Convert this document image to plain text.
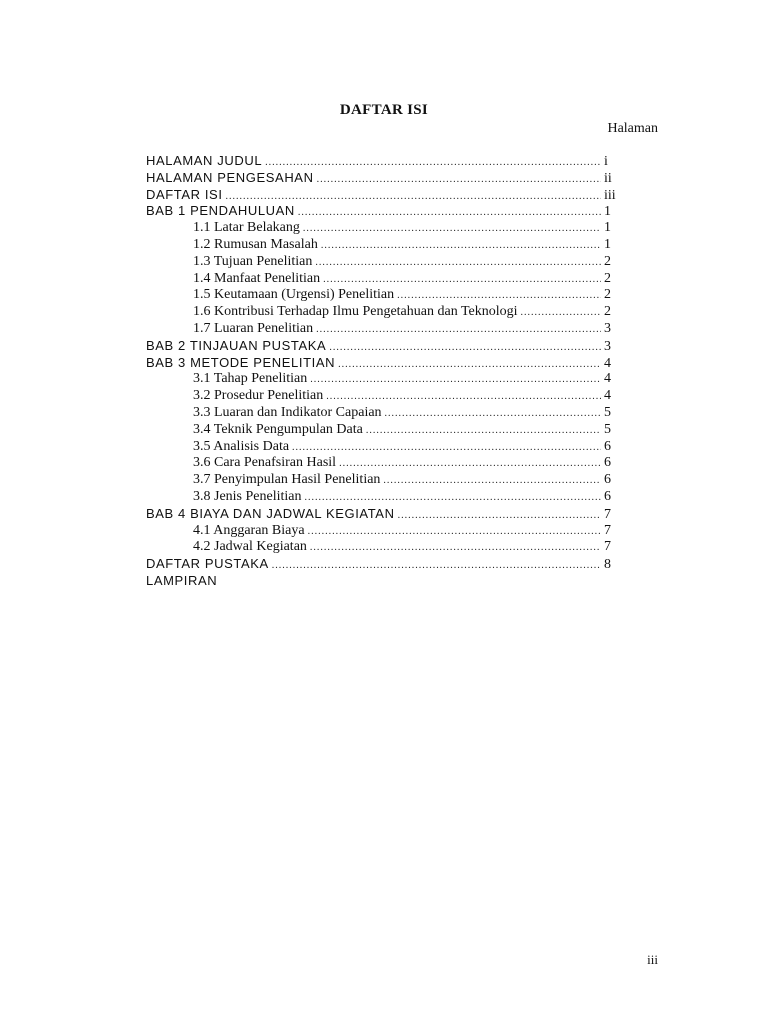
DAFTAR ISI
Halaman
HALAMAN JUDUL .....	i
HALAMAN PENGESAHAN .....	ii
DAFTAR ISI .....	iii
BAB 1 PENDAHULUAN .....	1
1.1 Latar Belakang .....	1
1.2 Rumusan Masalah .....	1
1.3 Tujuan Penelitian .....	2
1.4 Manfaat Penelitian .....	2
1.5 Keutamaan (Urgensi) Penelitian .....	2
1.6 Kontribusi Terhadap Ilmu Pengetahuan dan Teknologi .....	2
1.7 Luaran Penelitian .....	3
BAB 2 TINJAUAN PUSTAKA .....	3
BAB 3 METODE PENELITIAN .....	4
3.1 Tahap Penelitian .....	4
3.2 Prosedur Penelitian .....	4
3.3 Luaran dan Indikator Capaian .....	5
3.4 Teknik Pengumpulan Data .....	5
3.5 Analisis Data .....	6
3.6 Cara Penafsiran Hasil .....	6
3.7 Penyimpulan Hasil Penelitian .....	6
3.8 Jenis Penelitian .....	6
BAB 4 BIAYA DAN JADWAL KEGIATAN .....	7
4.1 Anggaran Biaya .....	7
4.2 Jadwal Kegiatan .....	7
DAFTAR PUSTAKA .....	8
LAMPIRAN
iii
